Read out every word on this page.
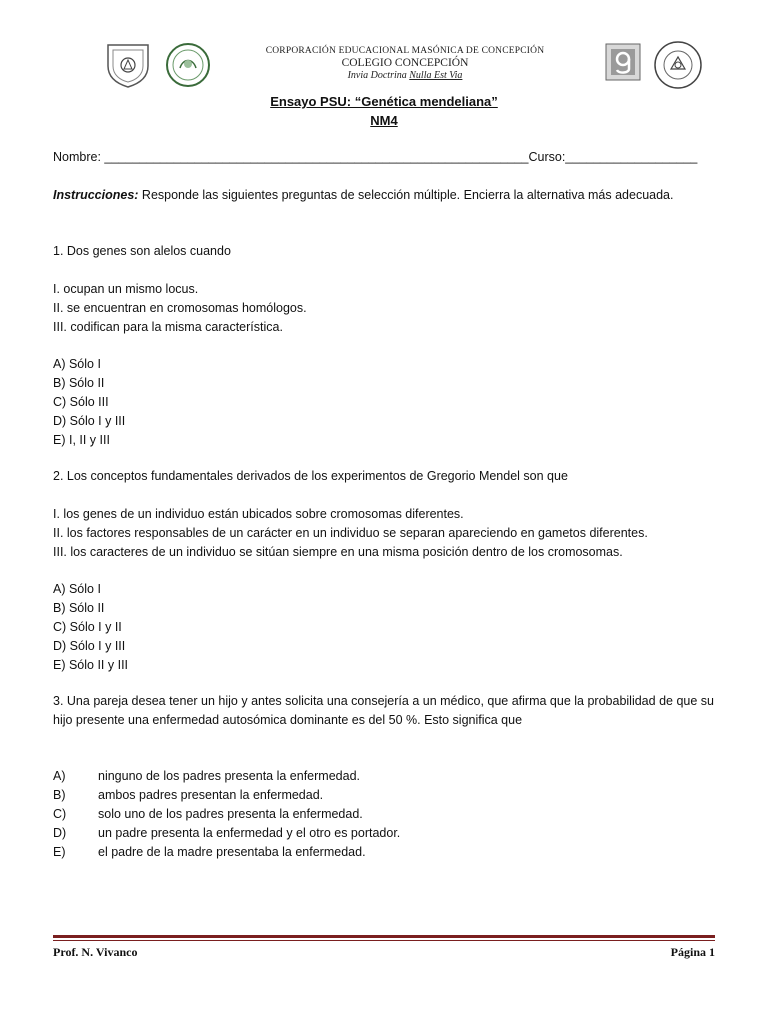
CORPORACIÓN EDUCACIONAL MASÓNICA DE CONCEPCIÓN
COLEGIO CONCEPCIÓN
Invia Doctrina Nulla Est Via
Ensayo PSU: “Genética mendeliana”
NM4
Nombre: _____________________________________________________________Curso:___________________
Instrucciones: Responde las siguientes preguntas de selección múltiple. Encierra la alternativa más adecuada.
1. Dos genes son alelos cuando
I. ocupan un mismo locus.
II. se encuentran en cromosomas homólogos.
III. codifican para la misma característica.
A) Sólo I
B) Sólo II
C) Sólo III
D) Sólo I y III
E) I, II y III
2. Los conceptos fundamentales derivados de los experimentos de Gregorio Mendel son que
I. los genes de un individuo están ubicados sobre cromosomas diferentes.
II. los factores responsables de un carácter en un individuo se separan apareciendo en gametos diferentes.
III. los caracteres de un individuo se sitúan siempre en una misma posición dentro de los cromosomas.
A) Sólo I
B) Sólo II
C) Sólo I y II
D) Sólo I y III
E) Sólo II y III
3. Una pareja desea tener un hijo y antes solicita una consejería a un médico, que afirma que la probabilidad de que su hijo presente una enfermedad autosómica dominante es del 50 %. Esto significa que
A)	ninguno de los padres presenta la enfermedad.
B)	ambos padres presentan la enfermedad.
C)	solo uno de los padres presenta la enfermedad.
D)	un padre presenta la enfermedad y el otro es portador.
E)	el padre de la madre presentaba la enfermedad.
Prof. N. Vivanco	Página 1
